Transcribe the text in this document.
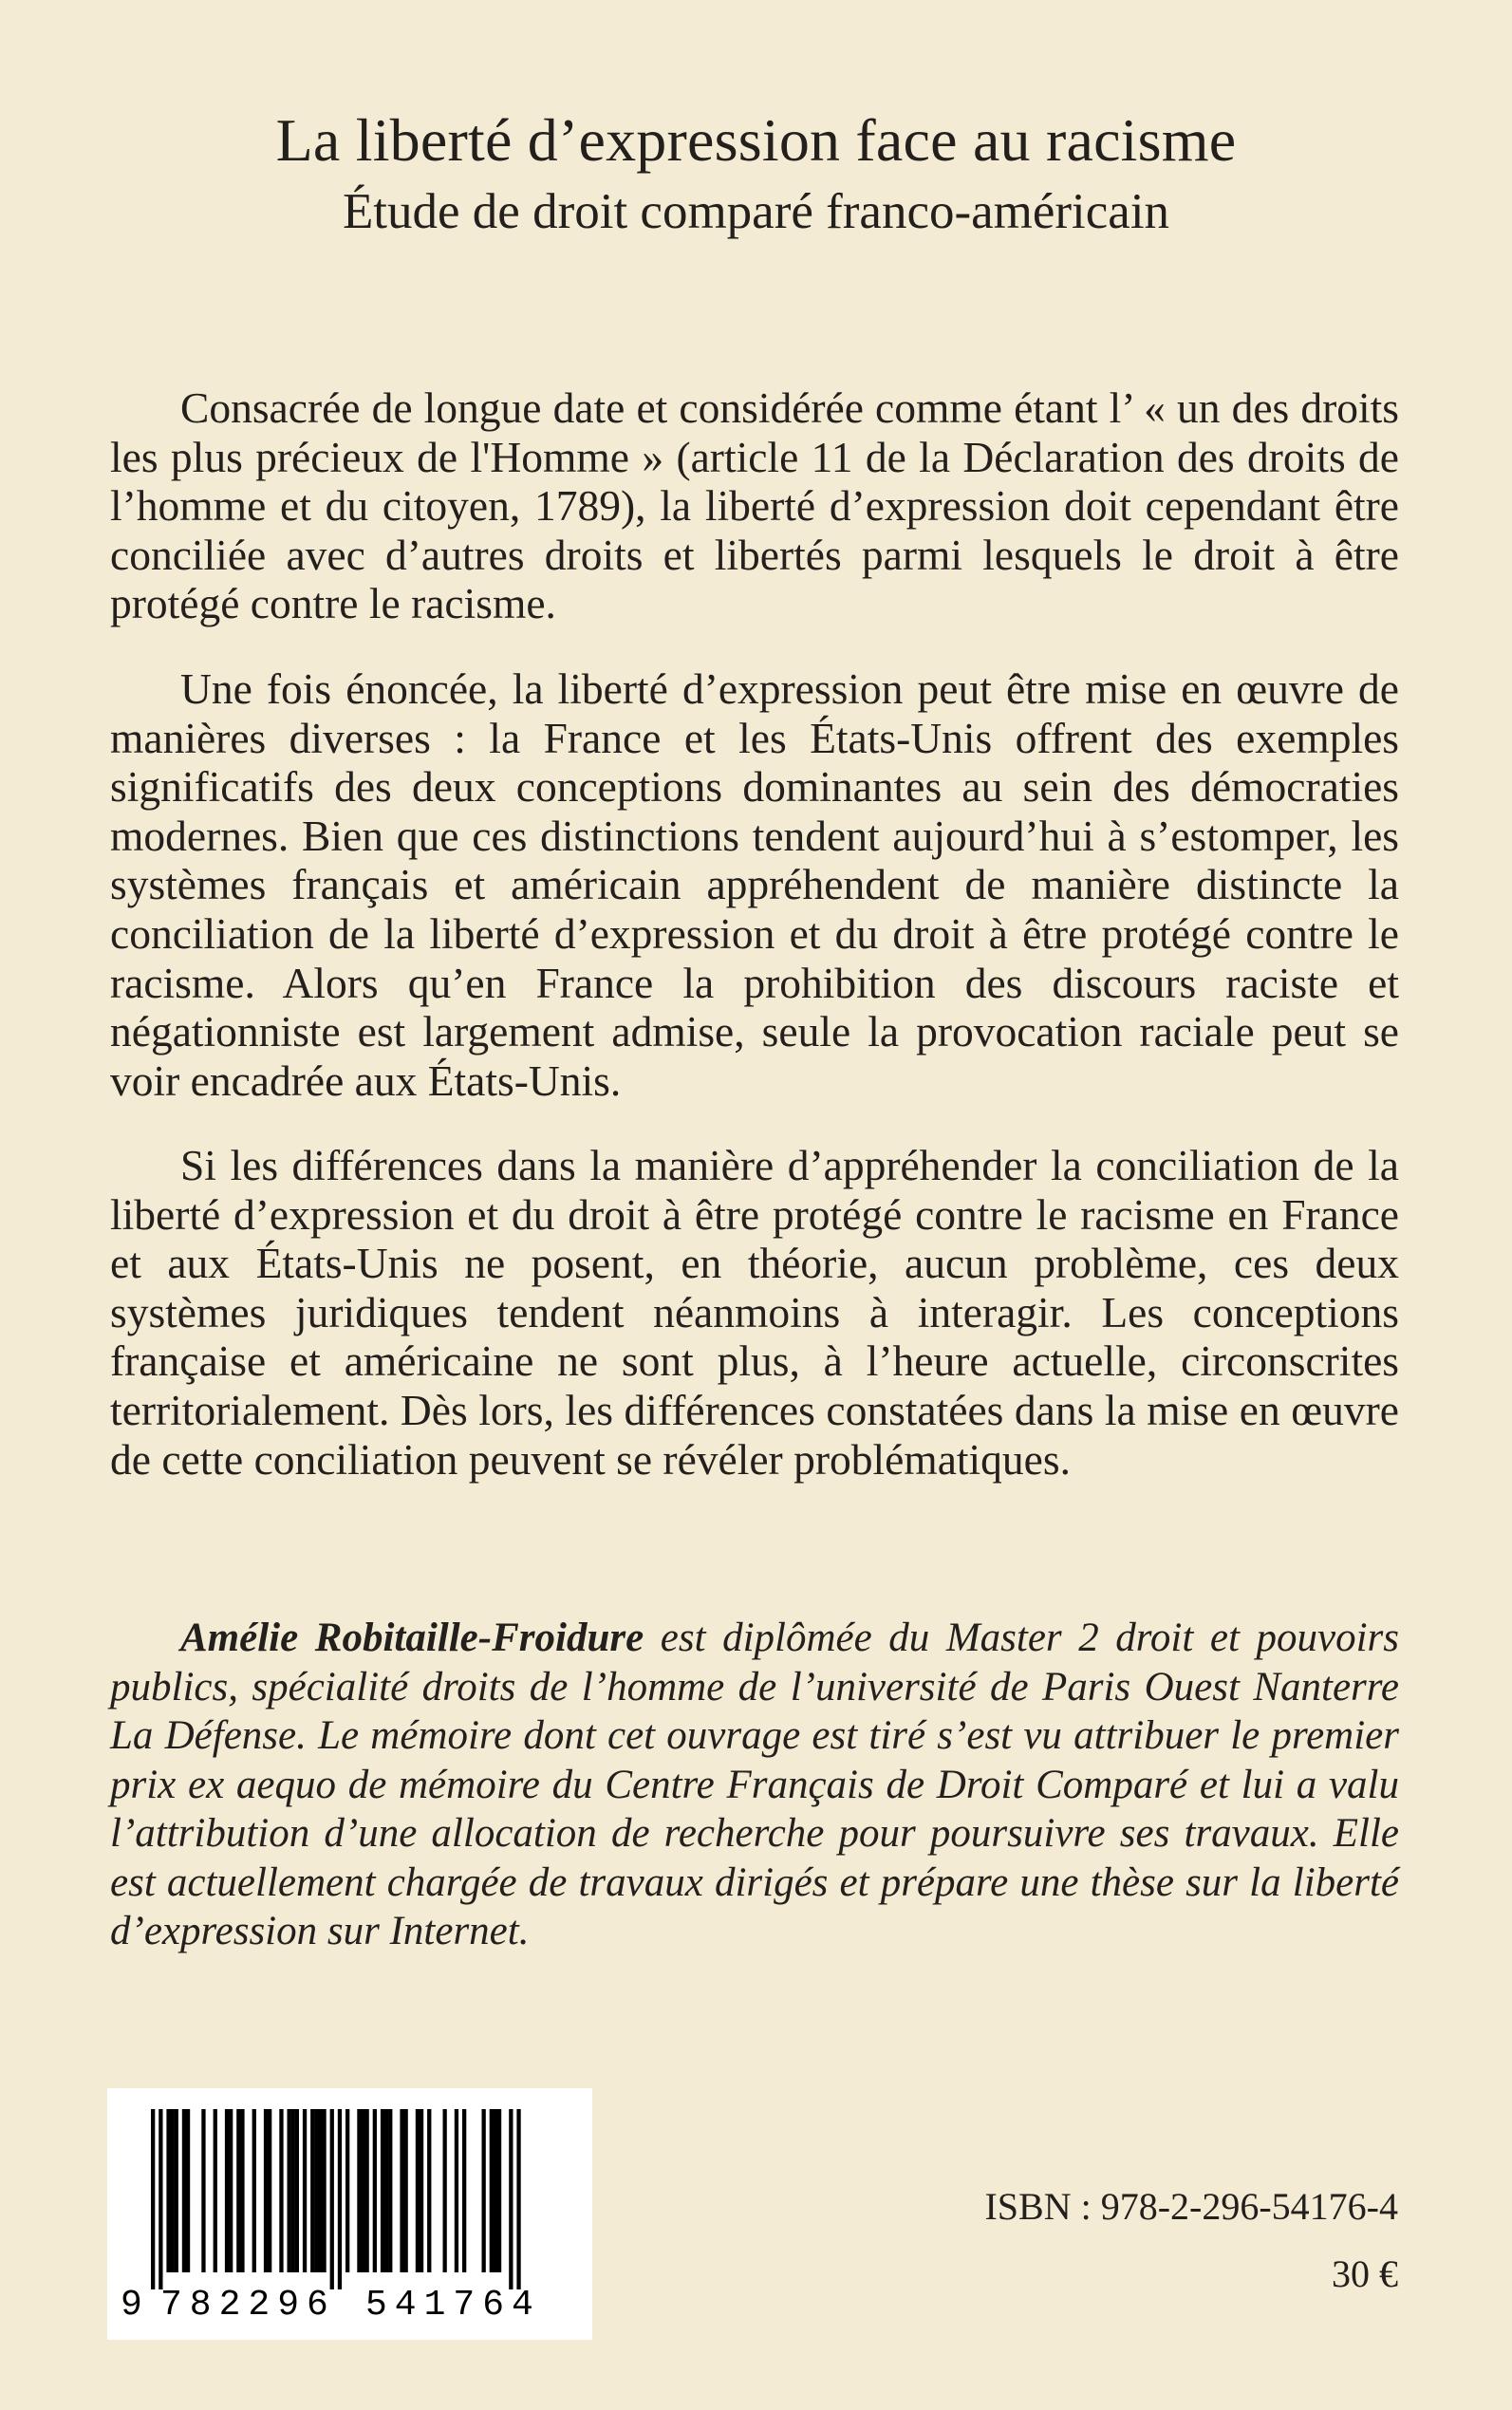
La liberté d’expression face au racisme
Étude de droit comparé franco-américain

Consacrée de longue date et considérée comme étant l’ « un des droits les plus précieux de l'Homme » (article 11 de la Déclaration des droits de l’homme et du citoyen, 1789), la liberté d’expression doit cependant être conciliée avec d’autres droits et libertés parmi lesquels le droit à être protégé contre le racisme.

Une fois énoncée, la liberté d’expression peut être mise en œuvre de manières diverses : la France et les États-Unis offrent des exemples significatifs des deux conceptions dominantes au sein des démocraties modernes. Bien que ces distinctions tendent aujourd’hui à s’estomper, les systèmes français et américain appréhendent de manière distincte la conciliation de la liberté d’expression et du droit à être protégé contre le racisme. Alors qu’en France la prohibition des discours raciste et négationniste est largement admise, seule la provocation raciale peut se voir encadrée aux États-Unis.

Si les différences dans la manière d’appréhender la conciliation de la liberté d’expression et du droit à être protégé contre le racisme en France et aux États-Unis ne posent, en théorie, aucun problème, ces deux systèmes juridiques tendent néanmoins à interagir. Les conceptions française et américaine ne sont plus, à l’heure actuelle, circonscrites territorialement. Dès lors, les différences constatées dans la mise en œuvre de cette conciliation peuvent se révéler problématiques.

Amélie Robitaille-Froidure est diplômée du Master 2 droit et pouvoirs publics, spécialité droits de l’homme de l’université de Paris Ouest Nanterre La Défense. Le mémoire dont cet ouvrage est tiré s’est vu attribuer le premier prix ex aequo de mémoire du Centre Français de Droit Comparé et lui a valu l’attribution d’une allocation de recherche pour poursuivre ses travaux. Elle est actuellement chargée de travaux dirigés et prépare une thèse sur la liberté d’expression sur Internet.

9 782296 541764

ISBN : 978-2-296-54176-4

30 €
